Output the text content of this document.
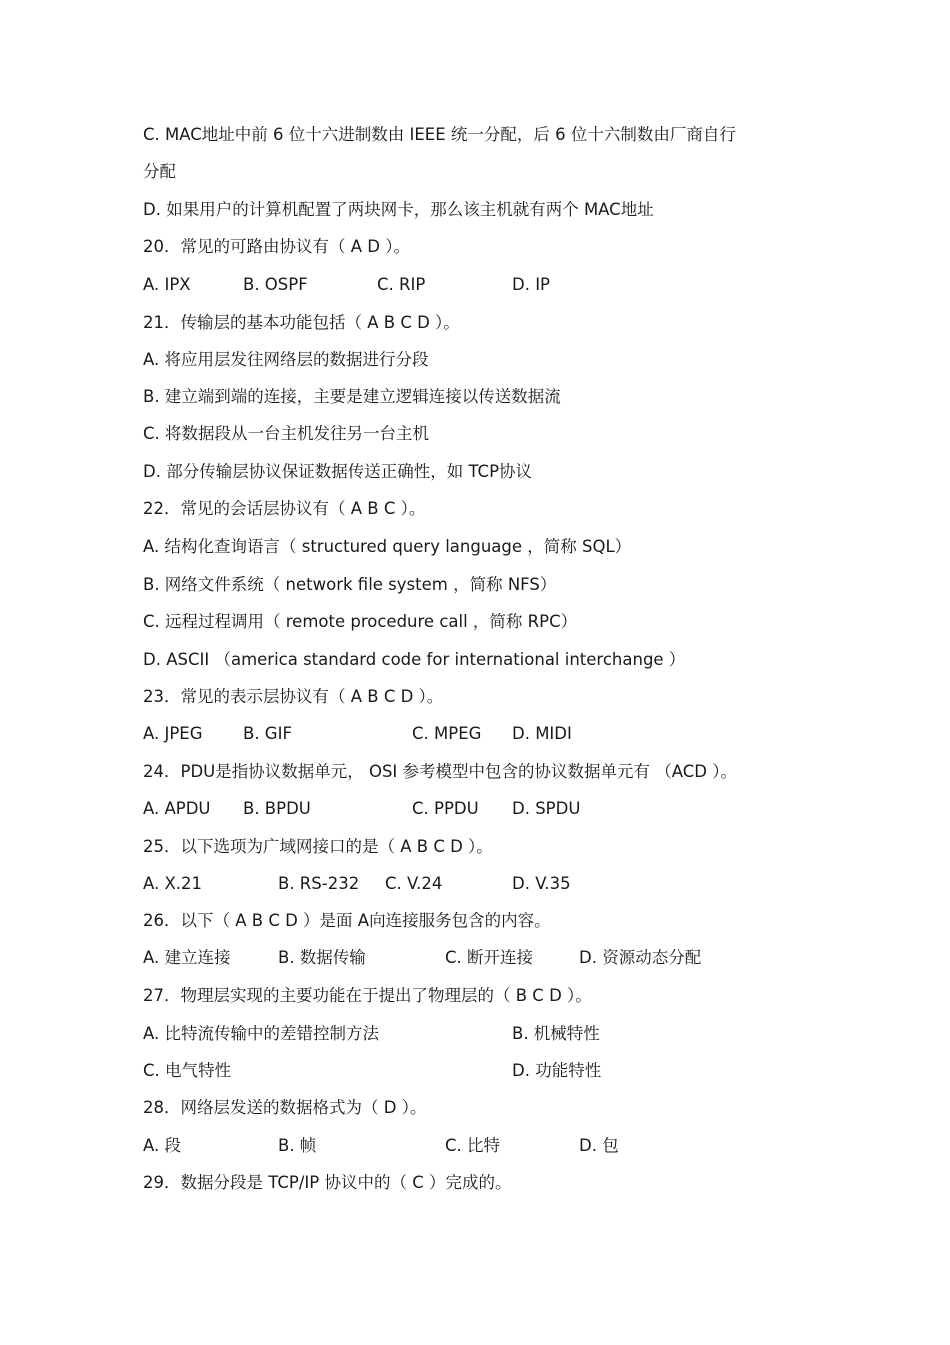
C. MAC地址中前 6 位十六进制数由 IEEE 统一分配，后 6 位十六制数由厂商自行
分配
D. 如果用户的计算机配置了两块网卡，那么该主机就有两个 MAC地址
20．常见的可路由协议有（ A D ）。
A. IPX	B. OSPF	C. RIP	D. IP
21．传输层的基本功能包括（ A B C D ）。
A. 将应用层发往网络层的数据进行分段
B. 建立端到端的连接，主要是建立逻辑连接以传送数据流
C. 将数据段从一台主机发往另一台主机
D. 部分传输层协议保证数据传送正确性，如 TCP协议
22．常见的会话层协议有（ A B C ）。
A. 结构化查询语言（ structured query language ，简称 SQL）
B. 网络文件系统（ network file system ，简称 NFS）
C. 远程过程调用（ remote procedure call ，简称 RPC）
D. ASCII （america standard code for international interchange ）
23．常见的表示层协议有（ A B C D ）。
A. JPEG B. GIF	C. MPEG D. MIDI
24．PDU是指协议数据单元， OSI 参考模型中包含的协议数据单元有 （ACD ）。
A. APDU B. BPDU	C. PPDU D. SPDU
25．以下选项为广域网接口的是（ A B C D ）。
A. X.21	B. RS-232 C. V.24	D. V.35
26．以下（ A B C D ）是面 A向连接服务包含的内容。
A. 建立连接	B. 数据传输	C. 断开连接	D. 资源动态分配
27．物理层实现的主要功能在于提出了物理层的（ B C D ）。
A. 比特流传输中的差错控制方法	B. 机械特性
C. 电气特性	D. 功能特性
28．网络层发送的数据格式为（ D ）。
A. 段	B. 帧	C. 比特	D. 包
29．数据分段是 TCP/IP 协议中的（ C ）完成的。
